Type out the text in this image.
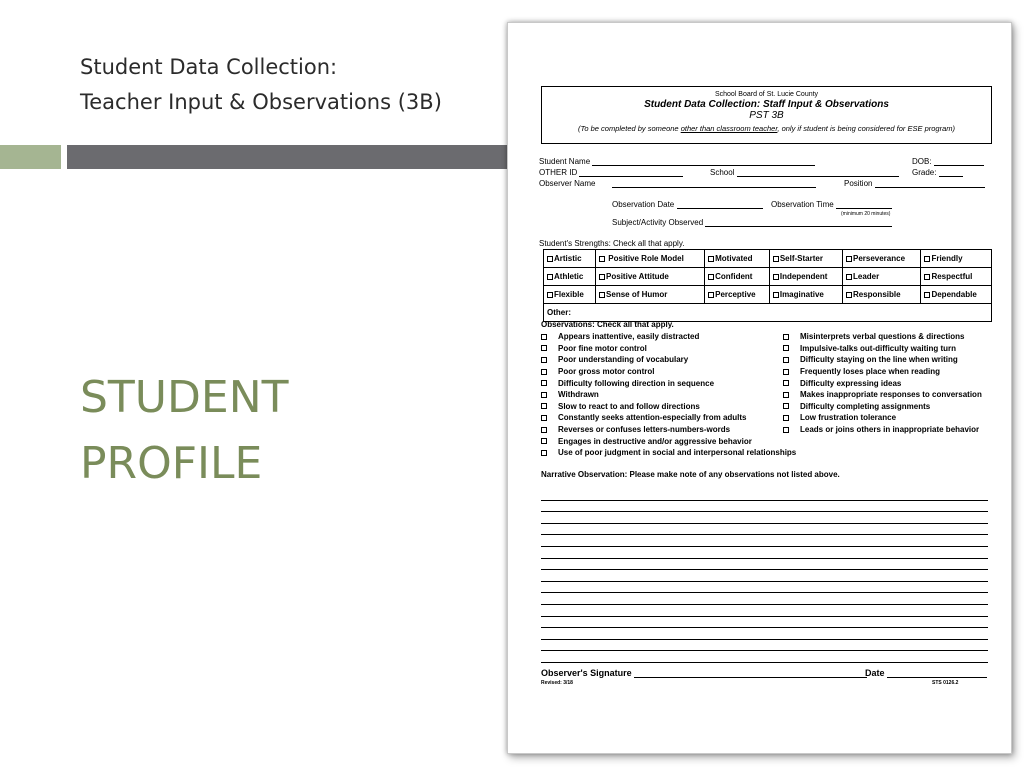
Student Data Collection:
Teacher Input & Observations (3B)
STUDENT
PROFILE
School Board of St. Lucie County
Student Data Collection: Staff Input & Observations
PST 3B
(To be completed by someone other than classroom teacher, only if student is being considered for ESE program)
Student Name	DOB:
OTHER ID	School	Grade:
Observer Name	Position
Observation Date	Observation Time
(minimum 20 minutes)
Subject/Activity Observed
Student's Strengths: Check all that apply.
Artistic	Positive Role Model	Motivated	Self-Starter	Perseverance	Friendly
Athletic	Positive Attitude	Confident	Independent	Leader	Respectful
Flexible	Sense of Humor	Perceptive	Imaginative	Responsible	Dependable
Other:					
Observations: Check all that apply.
Appears inattentive, easily distracted
Poor fine motor control
Poor understanding of vocabulary
Poor gross motor control
Difficulty following direction in sequence
Withdrawn
Slow to react to and follow directions
Constantly seeks attention-especially from adults
Reverses or confuses letters-numbers-words
Engages in destructive and/or aggressive behavior
Use of poor judgment in social and interpersonal relationships
Misinterprets verbal questions & directions
Impulsive-talks out-difficulty waiting turn
Difficulty staying on the line when writing
Frequently loses place when reading
Difficulty expressing ideas
Makes inappropriate responses to conversation
Difficulty completing assignments
Low frustration tolerance
Leads or joins others in inappropriate behavior
Narrative Observation: Please make note of any observations not listed above.
Observer's Signature	Date
Revised: 3/18	STS 0126.2
